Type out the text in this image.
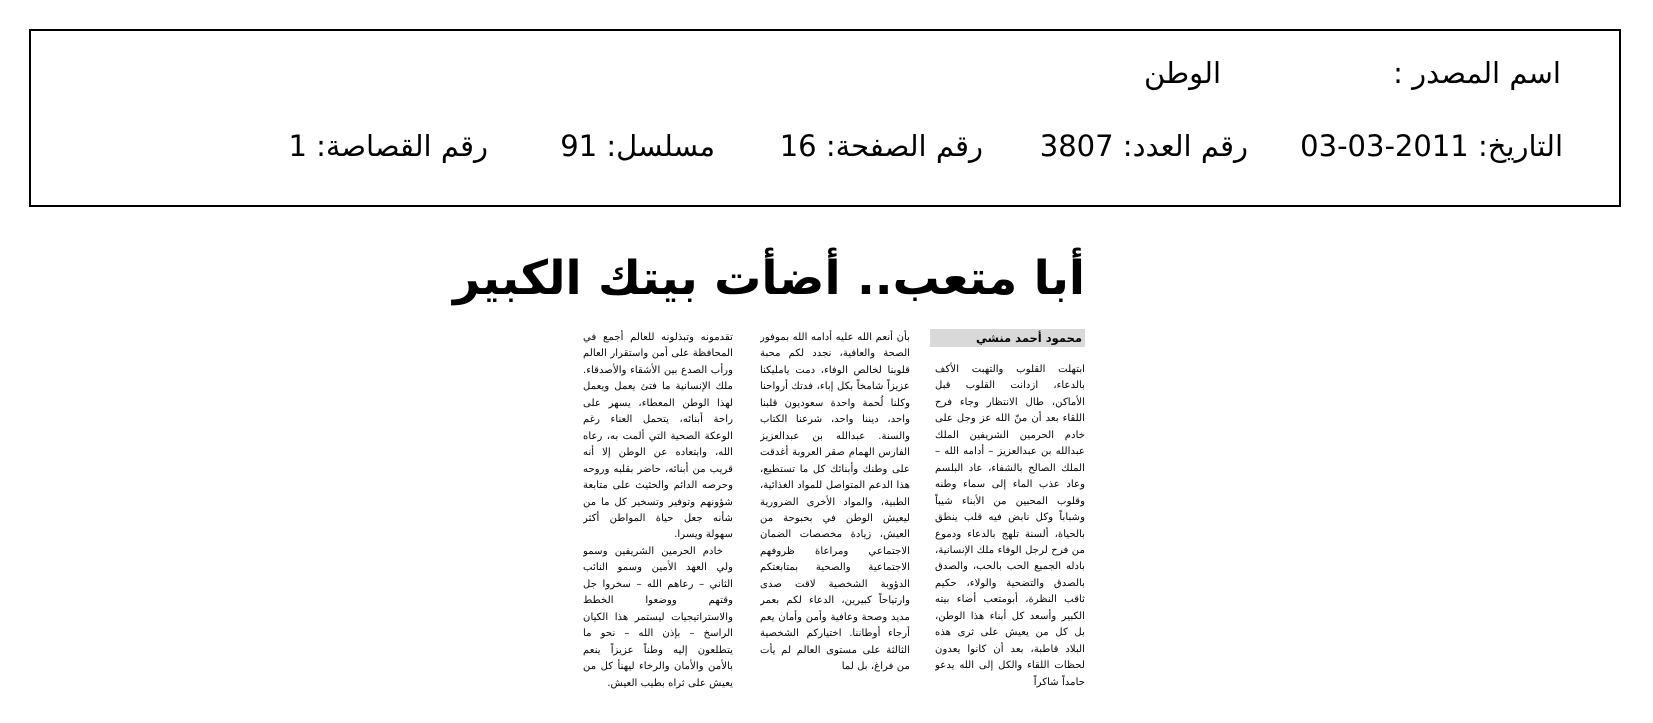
اسم المصدر :
الوطن
التاريخ: 2011-03-03
رقم العدد: 3807
رقم الصفحة: 16
مسلسل: 91
رقم القصاصة: 1
أبا متعب.. أضأت بيتك الكبير
محمود أحمد منشي

ابتهلت القلوب والتهبت الأكف بالدعاء، ازدانت القلوب قبل الأماكن، طال الانتظار وجاء فرح اللقاء بعد أن منّ الله عز وجل على خادم الحرمين الشريفين الملك عبدالله بن عبدالعزيز – أدامه الله – الملك الصالح بالشفاء، عاد البلسم وعاد عذب الماء إلى سماء وطنه وقلوب المحبين من الأبناء شيباً وشباباً وكل نابض فيه قلب ينطق بالحياة، ألسنة تلهج بالدعاء ودموع من فرح لرجل الوفاء ملك الإنسانية، بادله الجميع الحب بالحب، والصدق بالصدق والتضحية والولاء، حكيم ثاقب النظرة، أبومتعب أضاء بيته الكبير وأسعد كل أبناء هذا الوطن، بل كل من يعيش على ثرى هذه البلاد قاطبة، بعد أن كانوا يعدون لحظات اللقاء والكل إلى الله يدعو حامداً شاكراً

بأن أنعم الله عليه أدامه الله بموفور الصحة والعافية، نجدد لكم محبة قلوبنا لخالص الوفاء، دمت يامليكنا عزيزاً شامخاً بكل إباء، فدتك أرواحنا وكلنا لُحمة واحدة سعوديون قلبنا واحد، ديننا واحد، شرعنا الكتاب والسنة. عبدالله بن عبدالعزيز الفارس الهمام صقر العروبة أغدقت على وطنك وأبنائك كل ما تستطيع، هذا الدعم المتواصل للمواد الغذائية، الطبية، والمواد الأخرى الضرورية ليعيش الوطن في بحبوحة من العيش، زيادة مخصصات الضمان الاجتماعي ومراعاة ظروفهم الاجتماعية والصحية بمتابعتكم الدؤوبة الشخصية لاقت صدى وارتياحاً كبيرين، الدعاء لكم بعمر مديد وصحة وعافية وأمن وأمان يعم أرجاء أوطاننا. اختياركم الشخصية الثالثة على مستوى العالم لم يأت من فراغ، بل لما

تقدمونه وتبذلونه للعالم أجمع في المحافظة على أمن واستقرار العالم ورأب الصدع بين الأشقاء والأصدقاء. ملك الإنسانية ما فتئ يعمل ويعمل لهذا الوطن المعطاء، يسهر على راحة أبنائه، يتحمل العناء رغم الوعكة الصحية التي ألمت به، رعاه الله، وابتعاده عن الوطن إلا أنه قريب من أبنائه، حاضر بقلبه وروحه وحرصه الدائم والحثيث على متابعة شؤونهم وتوفير وتسخير كل ما من شأنه جعل حياة المواطن أكثر سهولة ويسرا.

خادم الحرمين الشريفين وسمو ولي العهد الأمين وسمو النائب الثاني – رعاهم الله – سخروا جل وقتهم ووضعوا الخطط والاستراتيجيات ليستمر هذا الكيان الراسخ – بإذن الله – نحو ما يتطلعون إليه وطناً عزيزاً ينعم بالأمن والأمان والرخاء ليهنأ كل من يعيش على ثراه بطيب العيش.
